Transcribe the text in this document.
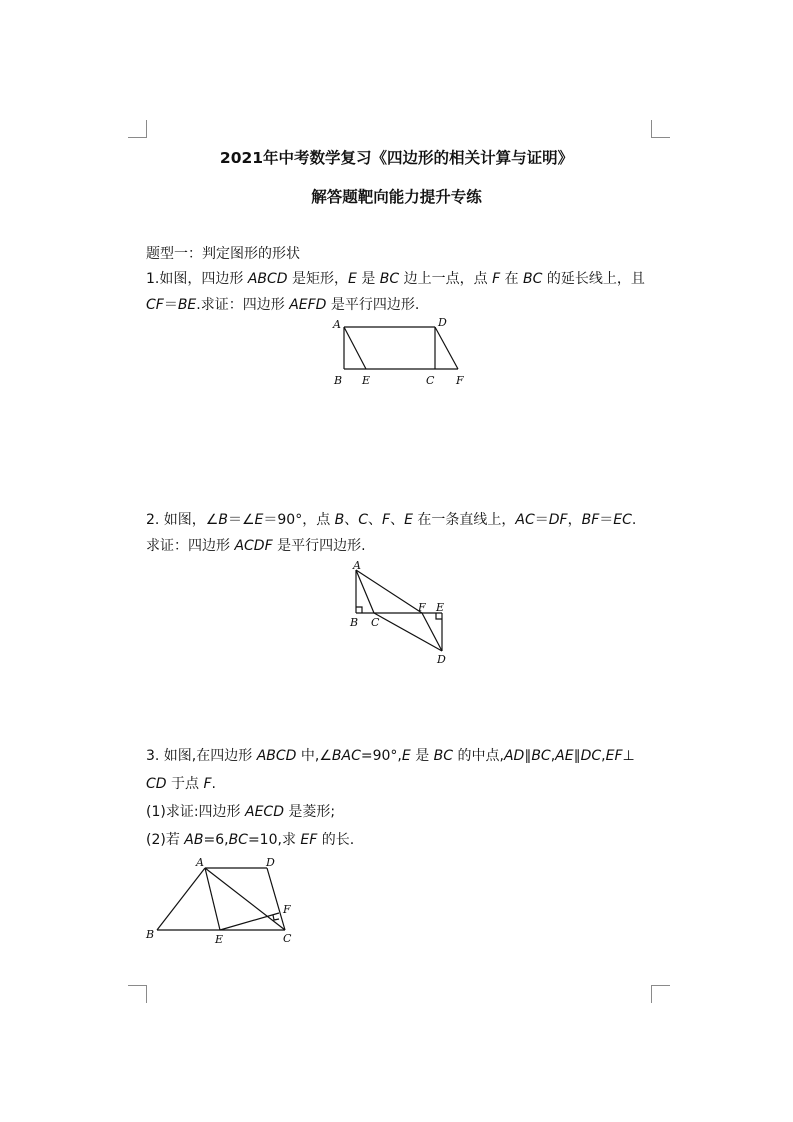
2021年中考数学复习《四边形的相关计算与证明》
解答题靶向能力提升专练
题型一：判定图形的形状
1.如图，四边形 ABCD 是矩形，E 是 BC 边上一点，点 F 在 BC 的延长线上，且
CF＝BE.求证：四边形 AEFD 是平行四边形.
A	D
B E	C F
2. 如图，∠B＝∠E＝90°，点 B、C、F、E 在一条直线上，AC＝DF，BF＝EC.
求证：四边形 ACDF 是平行四边形.
A
F E
B C
D
3. 如图,在四边形 ABCD 中,∠BAC=90°,E 是 BC 的中点,AD∥BC,AE∥DC,EF⊥
CD 于点 F.
(1)求证:四边形 AECD 是菱形;
(2)若 AB=6,BC=10,求 EF 的长.
A	D
F
B	E	C
